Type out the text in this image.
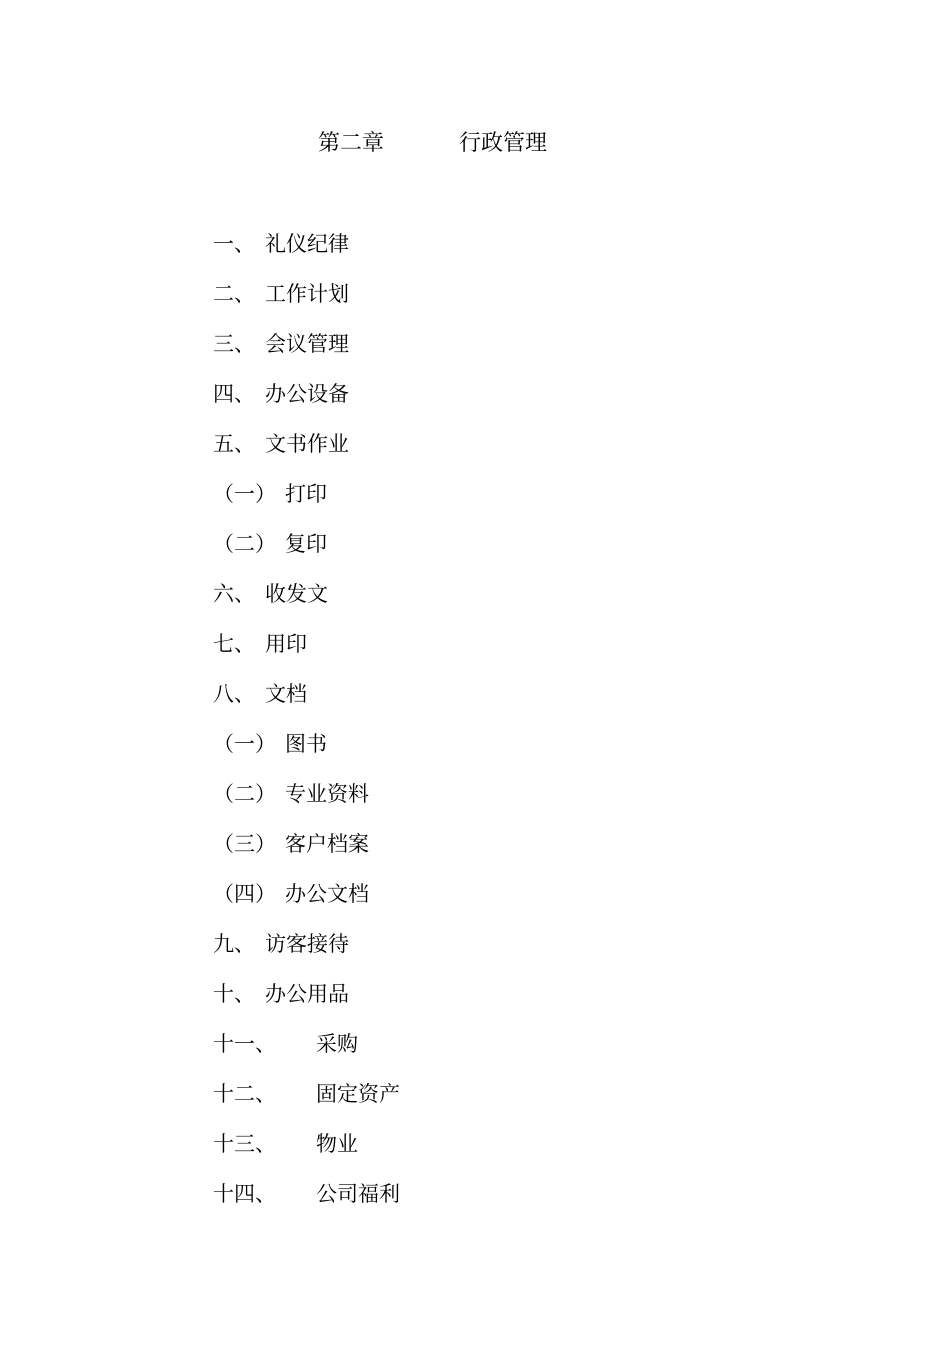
第二章	行政管理
一、 礼仪纪律
二、 工作计划
三、 会议管理
四、 办公设备
五、 文书作业
（一） 打印
（二） 复印
六、 收发文
七、 用印
八、 文档
（一） 图书
（二） 专业资料
（三） 客户档案
（四） 办公文档
九、 访客接待
十、 办公用品
十一、 采购
十二、 固定资产
十三、 物业
十四、 公司福利
